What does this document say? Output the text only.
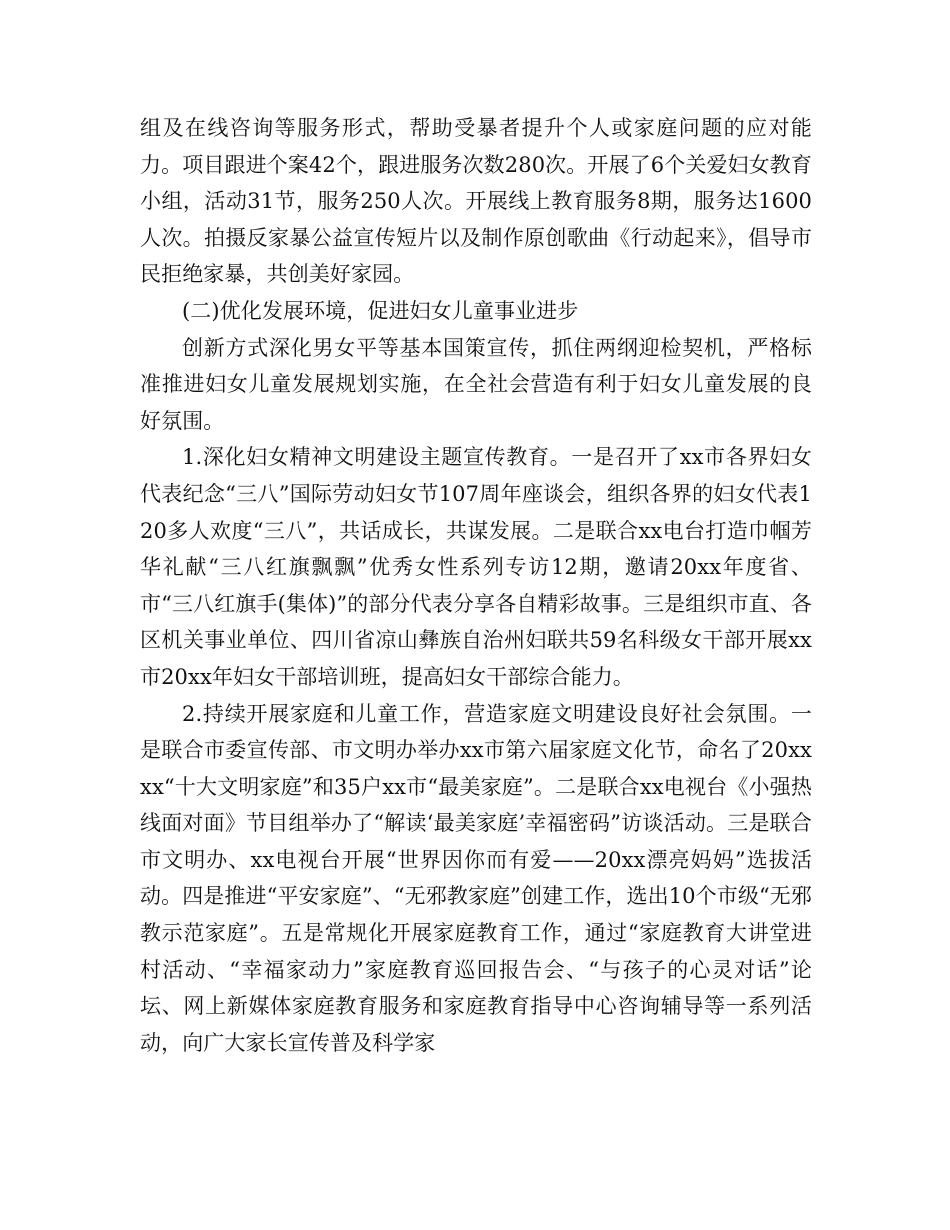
组及在线咨询等服务形式，帮助受暴者提升个人或家庭问题的应对能力。项目跟进个案42个，跟进服务次数280次。开展了6个关爱妇女教育小组，活动31节，服务250人次。开展线上教育服务8期，服务达1600人次。拍摄反家暴公益宣传短片以及制作原创歌曲《行动起来》，倡导市民拒绝家暴，共创美好家园。

(二)优化发展环境，促进妇女儿童事业进步

创新方式深化男女平等基本国策宣传，抓住两纲迎检契机，严格标准推进妇女儿童发展规划实施，在全社会营造有利于妇女儿童发展的良好氛围。

1.深化妇女精神文明建设主题宣传教育。一是召开了xx市各界妇女代表纪念“三八”国际劳动妇女节107周年座谈会，组织各界的妇女代表120多人欢度“三八”，共话成长，共谋发展。二是联合xx电台打造巾帼芳华礼献“三八红旗飘飘”优秀女性系列专访12期，邀请20xx年度省、市“三八红旗手(集体)”的部分代表分享各自精彩故事。三是组织市直、各区机关事业单位、四川省凉山彝族自治州妇联共59名科级女干部开展xx市20xx年妇女干部培训班，提高妇女干部综合能力。

2.持续开展家庭和儿童工作，营造家庭文明建设良好社会氛围。一是联合市委宣传部、市文明办举办xx市第六届家庭文化节，命名了20xxxx“十大文明家庭”和35户xx市“最美家庭”。二是联合xx电视台《小强热线面对面》节目组举办了“解读‘最美家庭’幸福密码”访谈活动。三是联合市文明办、xx电视台开展“世界因你而有爱——20xx漂亮妈妈”选拔活动。四是推进“平安家庭”、“无邪教家庭”创建工作，选出10个市级“无邪教示范家庭”。五是常规化开展家庭教育工作，通过“家庭教育大讲堂进村活动、“幸福家动力”家庭教育巡回报告会、“与孩子的心灵对话”论坛、网上新媒体家庭教育服务和家庭教育指导中心咨询辅导等一系列活动，向广大家长宣传普及科学家
